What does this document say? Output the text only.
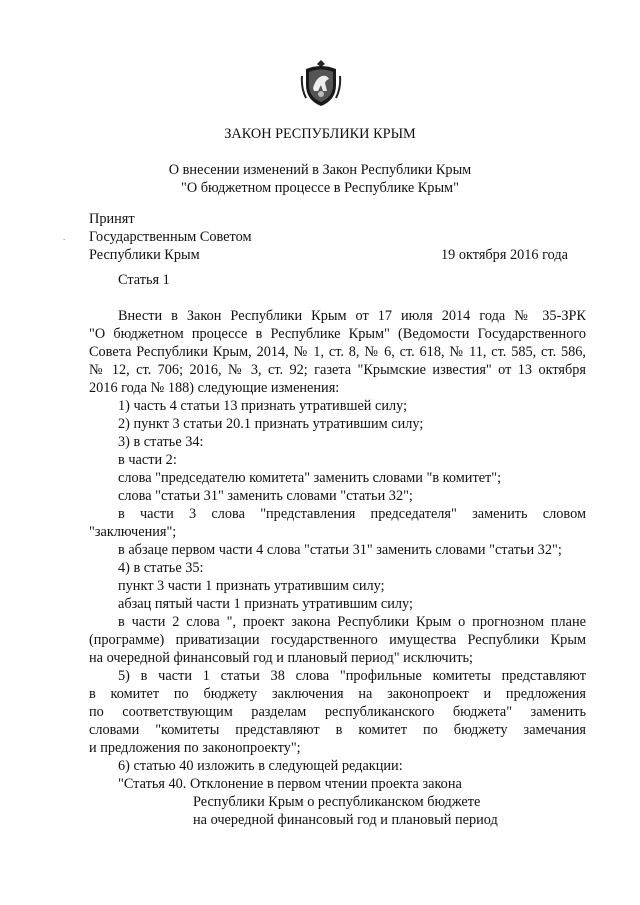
ЗАКОН РЕСПУБЛИКИ КРЫМ
О внесении изменений в Закон Республики Крым
"О бюджетном процессе в Республике Крым"
Принят
Государственным Советом
Республики Крым	19 октября 2016 года
.
Статья 1
Внести в Закон Республики Крым от 17 июля 2014 года № 35-ЗРК
"О бюджетном процессе в Республике Крым" (Ведомости Государственного
Совета Республики Крым, 2014, № 1, ст. 8, № 6, ст. 618, № 11, ст. 585, ст. 586,
№ 12, ст. 706; 2016, № 3, ст. 92; газета "Крымские известия" от 13 октября
2016 года № 188) следующие изменения:
1) часть 4 статьи 13 признать утратившей силу;
2) пункт 3 статьи 20.1 признать утратившим силу;
3) в статье 34:
в части 2:
слова "председателю комитета" заменить словами "в комитет";
слова "статьи 31" заменить словами "статьи 32";
в части 3 слова "представления председателя" заменить словом
"заключения";
в абзаце первом части 4 слова "статьи 31" заменить словами "статьи 32";
4) в статье 35:
пункт 3 части 1 признать утратившим силу;
абзац пятый части 1 признать утратившим силу;
в части 2 слова ", проект закона Республики Крым о прогнозном плане
(программе) приватизации государственного имущества Республики Крым
на очередной финансовый год и плановый период" исключить;
5) в части 1 статьи 38 слова "профильные комитеты представляют
в комитет по бюджету заключения на законопроект и предложения
по соответствующим разделам республиканского бюджета" заменить
словами "комитеты представляют в комитет по бюджету замечания
и предложения по законопроекту";
6) статью 40 изложить в следующей редакции:
"Статья 40. Отклонение в первом чтении проекта закона
Республики Крым о республиканском бюджете
на очередной финансовый год и плановый период
